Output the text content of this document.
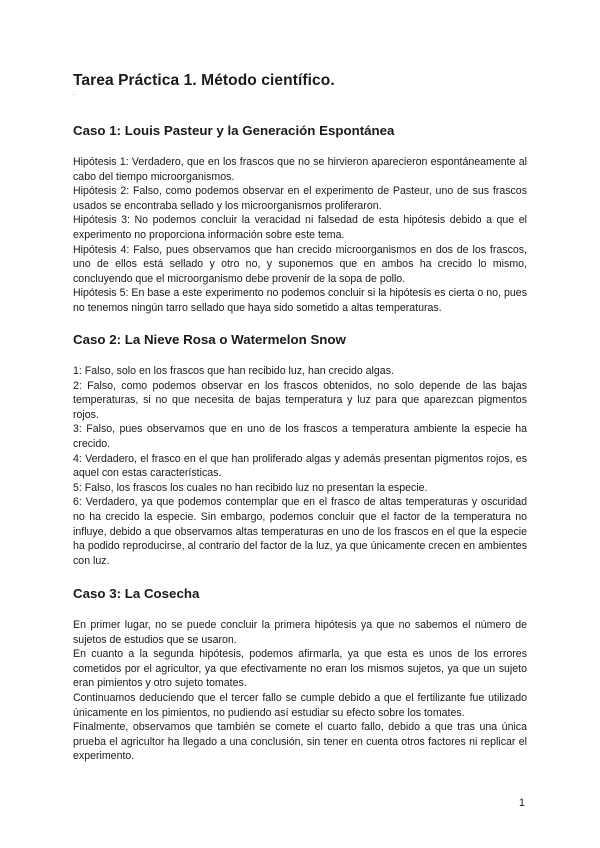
Tarea Práctica 1. Método científico.
.
Caso 1: Louis Pasteur y la Generación Espontánea

Hipótesis 1: Verdadero, que en los frascos que no se hirvieron aparecieron espontáneamente al cabo del tiempo microorganismos.

Hipótesis 2: Falso, como podemos observar en el experimento de Pasteur, uno de sus frascos usados se encontraba sellado y los microorganismos proliferaron.

Hipótesis 3: No podemos concluir la veracidad ni falsedad de esta hipótesis debido a que el experimento no proporciona información sobre este tema.

Hipótesis 4: Falso, pues observamos que han crecido microorganismos en dos de los frascos, uno de ellos está sellado y otro no, y suponemos que en ambos ha crecido lo mismo, concluyendo que el microorganismo debe provenir de la sopa de pollo.

Hipótesis 5: En base a este experimento no podemos concluir si la hipótesis es cierta o no, pues no tenemos ningún tarro sellado que haya sido sometido a altas temperaturas.

Caso 2: La Nieve Rosa o Watermelon Snow

1: Falso, solo en los frascos que han recibido luz, han crecido algas.

2: Falso, como podemos observar en los frascos obtenidos, no solo depende de las bajas temperaturas, si no que necesita de bajas temperatura y luz para que aparezcan pigmentos rojos.

3: Falso, pues observamos que en uno de los frascos a temperatura ambiente la especie ha crecido.

4: Verdadero, el frasco en el que han proliferado algas y además presentan pigmentos rojos, es aquel con estas características.

5: Falso, los frascos los cuales no han recibido luz no presentan la especie.

6: Verdadero, ya que podemos contemplar que en el frasco de altas temperaturas y oscuridad no ha crecido la especie. Sin embargo, podemos concluir que el factor de la temperatura no influye, debido a que observamos altas temperaturas en uno de los frascos en el que la especie ha podido reproducirse, al contrario del factor de la luz, ya que únicamente crecen en ambientes con luz.

Caso 3: La Cosecha

En primer lugar, no se puede concluir la primera hipótesis ya que no sabemos el número de sujetos de estudios que se usaron.

En cuanto a la segunda hipótesis, podemos afirmarla, ya que esta es unos de los errores cometidos por el agricultor, ya que efectivamente no eran los mismos sujetos, ya que un sujeto eran pimientos y otro sujeto tomates.

Continuamos deduciendo que el tercer fallo se cumple debido a que el fertilizante fue utilizado únicamente en los pimientos, no pudiendo así estudiar su efecto sobre los tomates.

Finalmente, observamos que también se comete el cuarto fallo, debido a que tras una única prueba el agricultor ha llegado a una conclusión, sin tener en cuenta otros factores ni replicar el experimento.

1
